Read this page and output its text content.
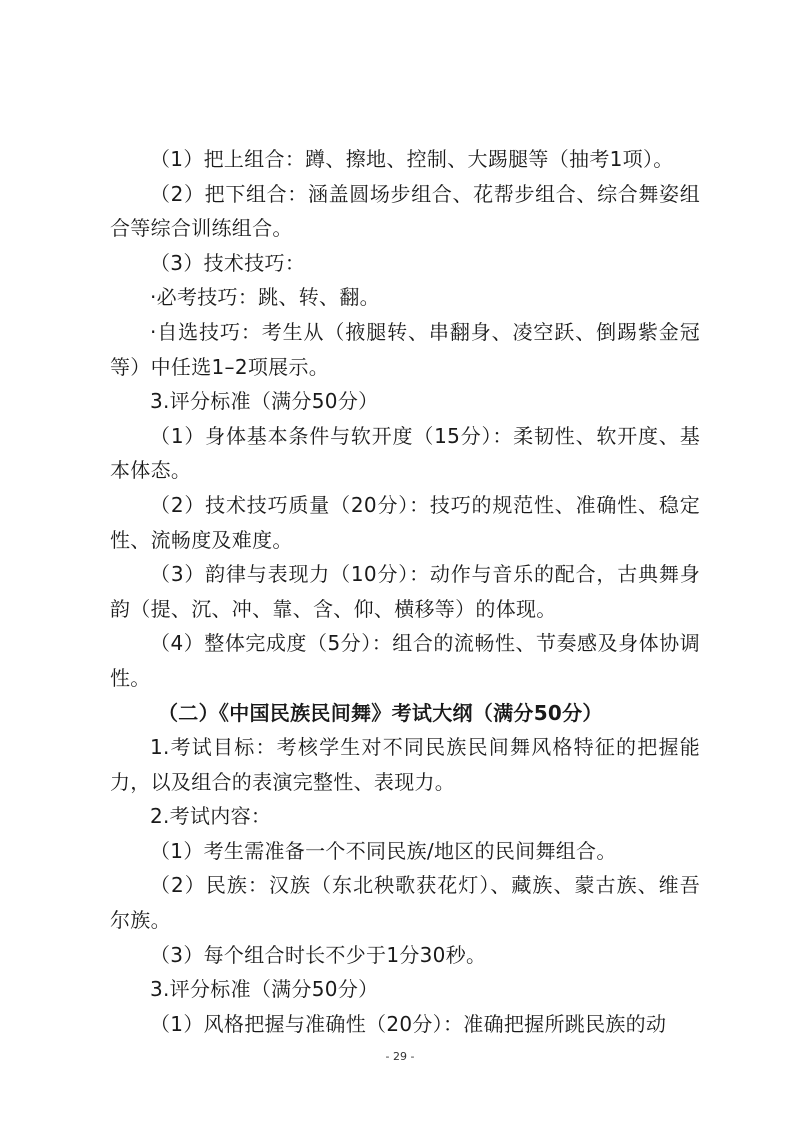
（1）把上组合：蹲、擦地、控制、大踢腿等（抽考1项）。

（2）把下组合：涵盖圆场步组合、花帮步组合、综合舞姿组合等综合训练组合。

（3）技术技巧：

·必考技巧：跳、转、翻。

·自选技巧：考生从（掖腿转、串翻身、凌空跃、倒踢紫金冠等）中任选1–2项展示。

3.评分标准（满分50分）

（1）身体基本条件与软开度（15分）：柔韧性、软开度、基本体态。

（2）技术技巧质量（20分）：技巧的规范性、准确性、稳定性、流畅度及难度。

（3）韵律与表现力（10分）：动作与音乐的配合，古典舞身韵（提、沉、冲、靠、含、仰、横移等）的体现。

（4）整体完成度（5分）：组合的流畅性、节奏感及身体协调性。

（二）《中国民族民间舞》考试大纲（满分50分）

1.考试目标：考核学生对不同民族民间舞风格特征的把握能力，以及组合的表演完整性、表现力。

2.考试内容：

（1）考生需准备一个不同民族/地区的民间舞组合。

（2）民族：汉族（东北秧歌获花灯）、藏族、蒙古族、维吾尔族。

（3）每个组合时长不少于1分30秒。

3.评分标准（满分50分）

（1）风格把握与准确性（20分）：准确把握所跳民族的动

- 29 -
